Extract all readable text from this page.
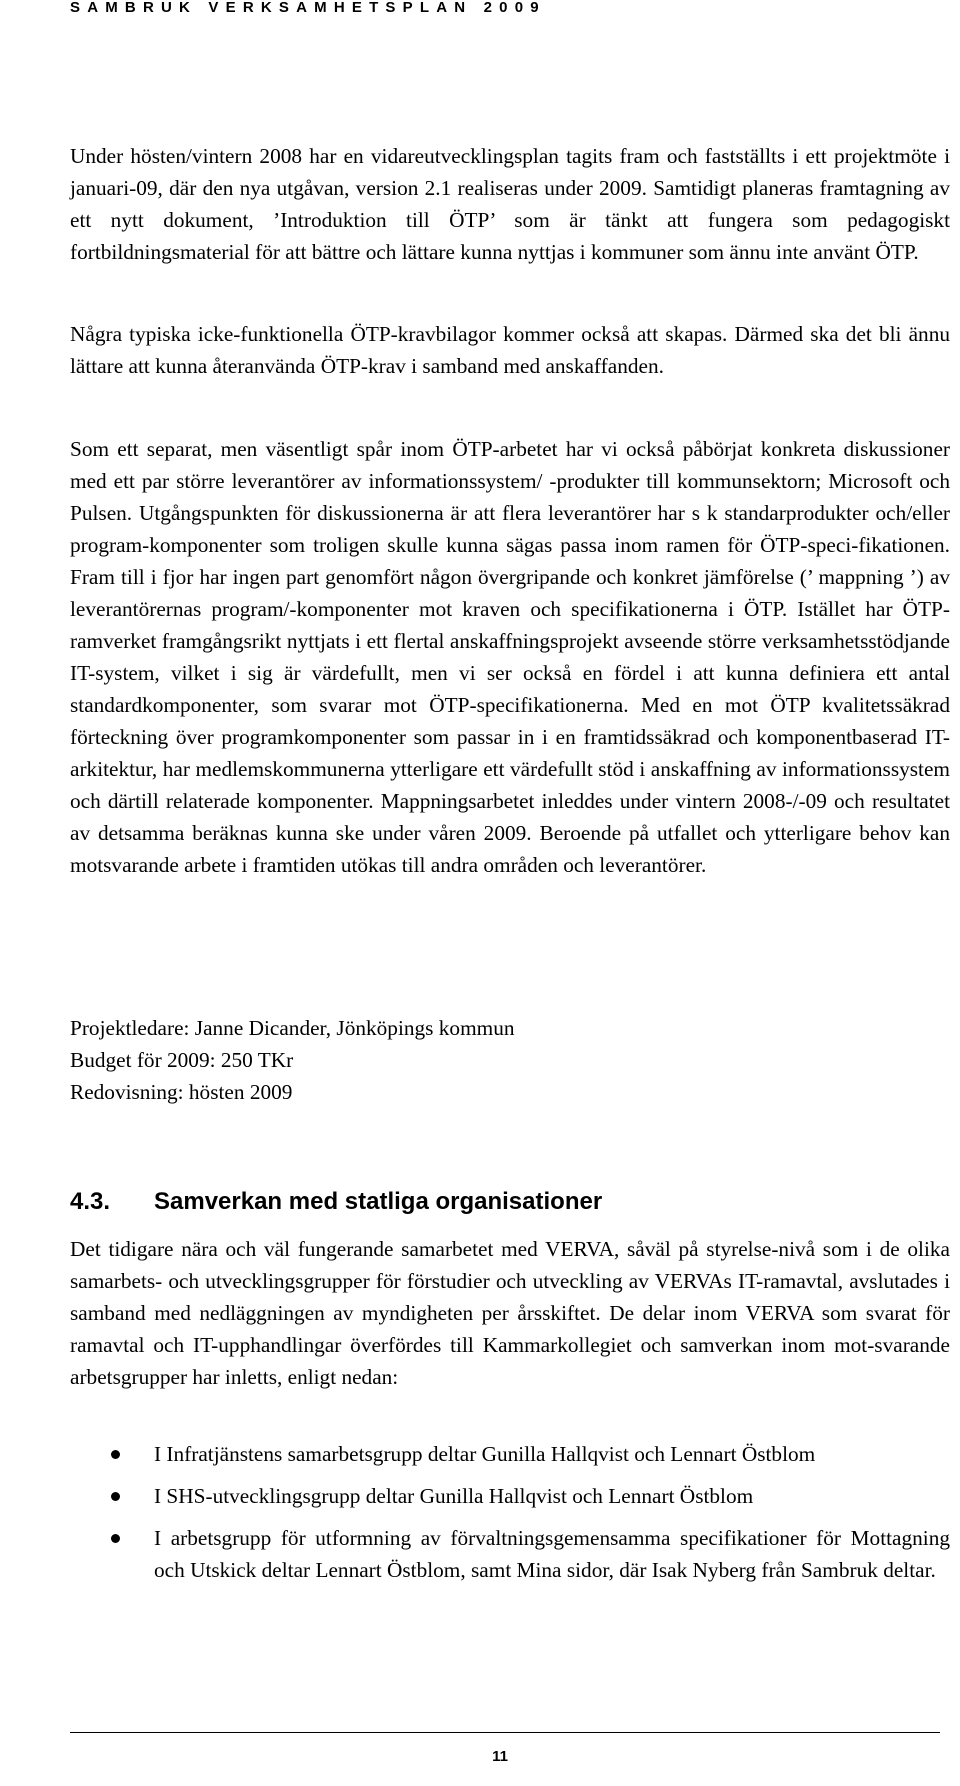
SAMBRUK VERKSAMHETSPLAN 2009

Under hösten/vintern 2008 har en vidareutvecklingsplan tagits fram och fastställts i ett projektmöte i januari-09, där den nya utgåvan, version 2.1 realiseras under 2009. Samtidigt planeras framtagning av ett nytt dokument, ’Introduktion till ÖTP’ som är tänkt att fungera som pedagogiskt fortbildningsmaterial för att bättre och lättare kunna nyttjas i kommuner som ännu inte använt ÖTP.

Några typiska icke-funktionella ÖTP-kravbilagor kommer också att skapas. Därmed ska det bli ännu lättare att kunna återanvända ÖTP-krav i samband med anskaffanden.

Som ett separat, men väsentligt spår inom ÖTP-arbetet har vi också påbörjat konkreta diskussioner med ett par större leverantörer av informationssystem/ -produkter till kommunsektorn; Microsoft och Pulsen. Utgångspunkten för diskussionerna är att flera leverantörer har s k standarprodukter och/eller program-komponenter som troligen skulle kunna sägas passa inom ramen för ÖTP-speci-fikationen. Fram till i fjor har ingen part genomfört någon övergripande och konkret jämförelse (’ mappning ’) av leverantörernas program/-komponenter mot kraven och specifikationerna i ÖTP. Istället har ÖTP-ramverket framgångsrikt nyttjats i ett flertal anskaffningsprojekt avseende större verksamhetsstödjande IT-system, vilket i sig är värdefullt, men vi ser också en fördel i att kunna definiera ett antal standardkomponenter, som svarar mot ÖTP-specifikationerna. Med en mot ÖTP kvalitetssäkrad förteckning över programkomponenter som passar in i en framtidssäkrad och komponentbaserad IT-arkitektur, har medlemskommunerna ytterligare ett värdefullt stöd i anskaffning av informationssystem och därtill relaterade komponenter. Mappningsarbetet inleddes under vintern 2008-/-09 och resultatet av detsamma beräknas kunna ske under våren 2009. Beroende på utfallet och ytterligare behov kan motsvarande arbete i framtiden utökas till andra områden och leverantörer.

Projektledare: Janne Dicander, Jönköpings kommun
Budget för 2009: 250 TKr
Redovisning: hösten 2009
4.3. Samverkan med statliga organisationer

Det tidigare nära och väl fungerande samarbetet med VERVA, såväl på styrelse-nivå som i de olika samarbets- och utvecklingsgrupper för förstudier och utveckling av VERVAs IT-ramavtal, avslutades i samband med nedläggningen av myndigheten per årsskiftet. De delar inom VERVA som svarat för ramavtal och IT-upphandlingar överfördes till Kammarkollegiet och samverkan inom mot-svarande arbetsgrupper har inletts, enligt nedan:

I Infratjänstens samarbetsgrupp deltar Gunilla Hallqvist och Lennart Östblom

I SHS-utvecklingsgrupp deltar Gunilla Hallqvist och Lennart Östblom

I arbetsgrupp för utformning av förvaltningsgemensamma specifikationer för Mottagning och Utskick deltar Lennart Östblom, samt Mina sidor, där Isak Nyberg från Sambruk deltar.

11
